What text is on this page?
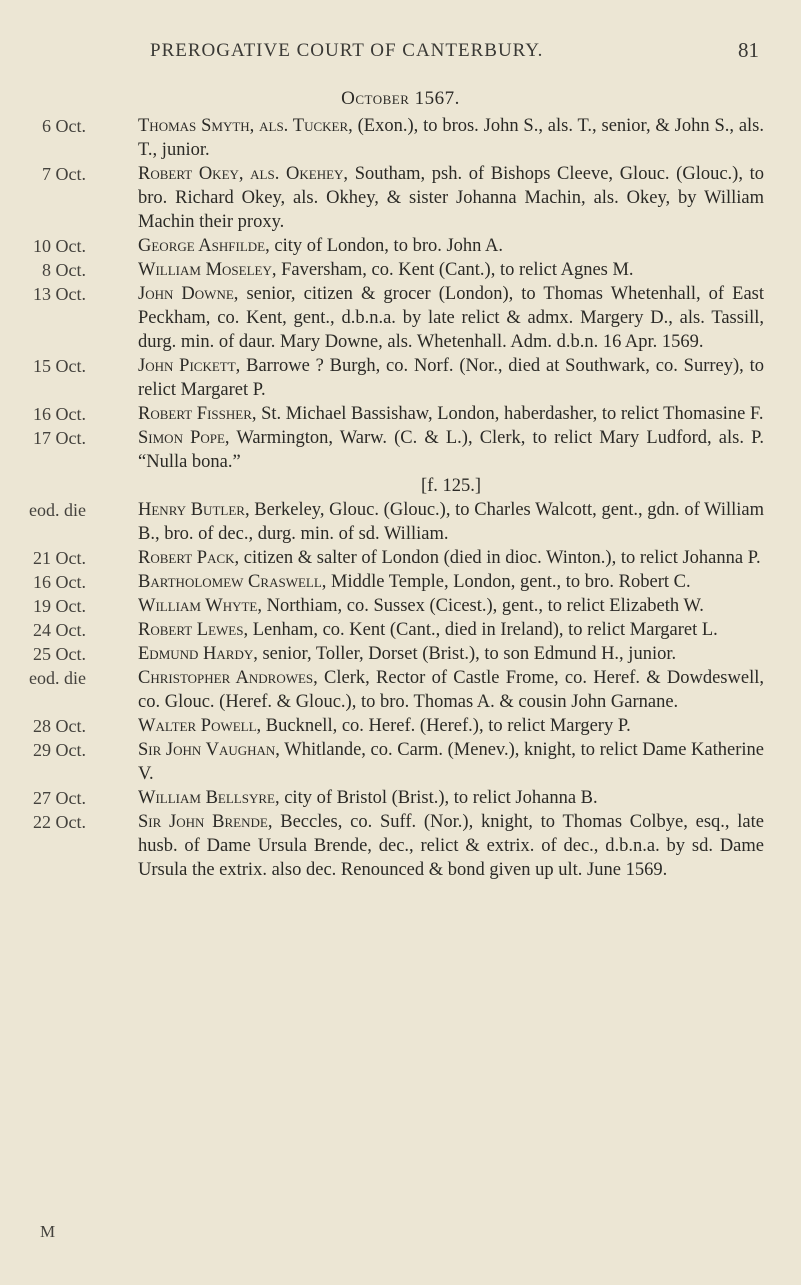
PREROGATIVE COURT OF CANTERBURY.	81
October 1567.
6 Oct.	Thomas Smyth, als. Tucker, (Exon.), to bros. John S., als. T., senior, & John S., als. T., junior.
7 Oct.	Robert Okey, als. Okehey, Southam, psh. of Bishops Cleeve, Glouc. (Glouc.), to bro. Richard Okey, als. Okhey, & sister Johanna Machin, als. Okey, by William Machin their proxy.
10 Oct.	George Ashfilde, city of London, to bro. John A.
8 Oct.	William Moseley, Faversham, co. Kent (Cant.), to relict Agnes M.
13 Oct.	John Downe, senior, citizen & grocer (London), to Thomas Whetenhall, of East Peckham, co. Kent, gent., d.b.n.a. by late relict & admx. Margery D., als. Tassill, durg. min. of daur. Mary Downe, als. Whetenhall. Adm. d.b.n. 16 Apr. 1569.
15 Oct.	John Pickett, Barrowe ? Burgh, co. Norf. (Nor., died at Southwark, co. Surrey), to relict Margaret P.
16 Oct.	Robert Fissher, St. Michael Bassishaw, London, haberdasher, to relict Thomasine F.
17 Oct.	Simon Pope, Warmington, Warw. (C. & L.), Clerk, to relict Mary Ludford, als. P. “Nulla bona.”
[f. 125.]
eod. die	Henry Butler, Berkeley, Glouc. (Glouc.), to Charles Walcott, gent., gdn. of William B., bro. of dec., durg. min. of sd. William.
21 Oct.	Robert Pack, citizen & salter of London (died in dioc. Winton.), to relict Johanna P.
16 Oct.	Bartholomew Craswell, Middle Temple, London, gent., to bro. Robert C.
19 Oct.	William Whyte, Northiam, co. Sussex (Cicest.), gent., to relict Elizabeth W.
24 Oct.	Robert Lewes, Lenham, co. Kent (Cant., died in Ireland), to relict Margaret L.
25 Oct.	Edmund Hardy, senior, Toller, Dorset (Brist.), to son Edmund H., junior.
eod. die	Christopher Androwes, Clerk, Rector of Castle Frome, co. Heref. & Dowdeswell, co. Glouc. (Heref. & Glouc.), to bro. Thomas A. & cousin John Garnane.
28 Oct.	Walter Powell, Bucknell, co. Heref. (Heref.), to relict Margery P.
29 Oct.	Sir John Vaughan, Whitlande, co. Carm. (Menev.), knight, to relict Dame Katherine V.
27 Oct.	William Bellsyre, city of Bristol (Brist.), to relict Johanna B.
22 Oct.	Sir John Brende, Beccles, co. Suff. (Nor.), knight, to Thomas Colbye, esq., late husb. of Dame Ursula Brende, dec., relict & extrix. of dec., d.b.n.a. by sd. Dame Ursula the extrix. also dec. Renounced & bond given up ult. June 1569.
M
